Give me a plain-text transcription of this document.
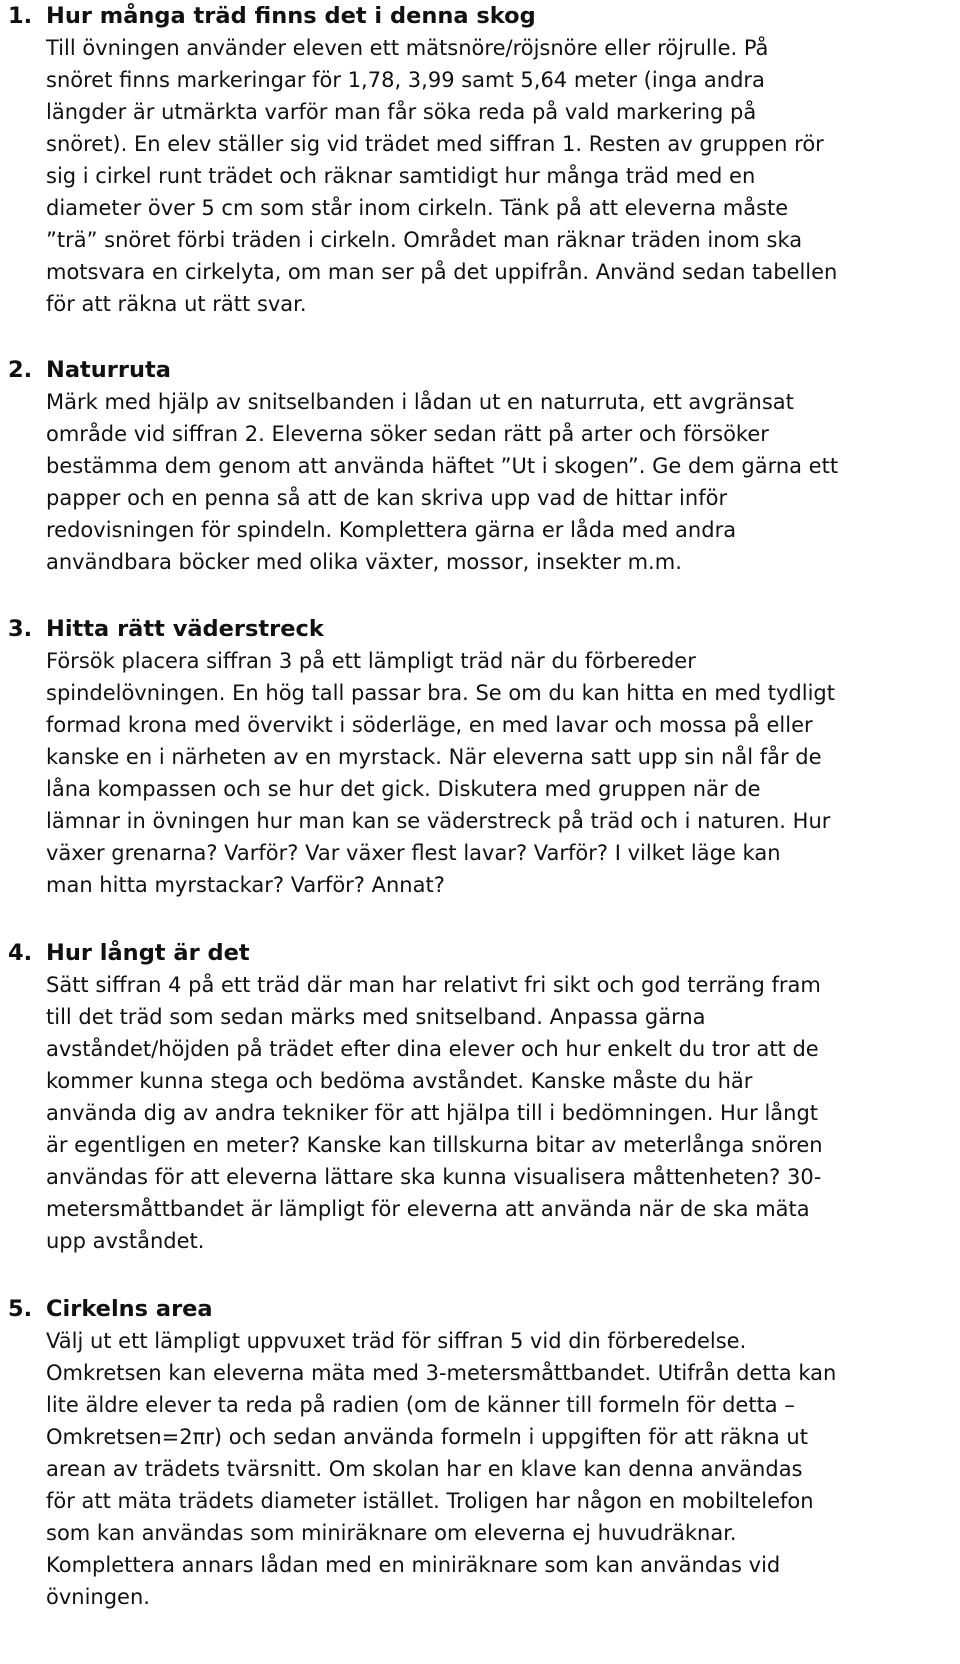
1. Hur många träd finns det i denna skog
Till övningen använder eleven ett mätsnöre/röjsnöre eller röjrulle. På
snöret finns markeringar för 1,78, 3,99 samt 5,64 meter (inga andra
längder är utmärkta varför man får söka reda på vald markering på
snöret). En elev ställer sig vid trädet med siffran 1. Resten av gruppen rör
sig i cirkel runt trädet och räknar samtidigt hur många träd med en
diameter över 5 cm som står inom cirkeln. Tänk på att eleverna måste
”trä” snöret förbi träden i cirkeln. Området man räknar träden inom ska
motsvara en cirkelyta, om man ser på det uppifrån. Använd sedan tabellen
för att räkna ut rätt svar.
2. Naturruta
Märk med hjälp av snitselbanden i lådan ut en naturruta, ett avgränsat
område vid siffran 2. Eleverna söker sedan rätt på arter och försöker
bestämma dem genom att använda häftet ”Ut i skogen”. Ge dem gärna ett
papper och en penna så att de kan skriva upp vad de hittar inför
redovisningen för spindeln. Komplettera gärna er låda med andra
användbara böcker med olika växter, mossor, insekter m.m.
3. Hitta rätt väderstreck
Försök placera siffran 3 på ett lämpligt träd när du förbereder
spindelövningen. En hög tall passar bra. Se om du kan hitta en med tydligt
formad krona med övervikt i söderläge, en med lavar och mossa på eller
kanske en i närheten av en myrstack. När eleverna satt upp sin nål får de
låna kompassen och se hur det gick. Diskutera med gruppen när de
lämnar in övningen hur man kan se väderstreck på träd och i naturen. Hur
växer grenarna? Varför? Var växer flest lavar? Varför? I vilket läge kan
man hitta myrstackar? Varför? Annat?
4. Hur långt är det
Sätt siffran 4 på ett träd där man har relativt fri sikt och god terräng fram
till det träd som sedan märks med snitselband. Anpassa gärna
avståndet/höjden på trädet efter dina elever och hur enkelt du tror att de
kommer kunna stega och bedöma avståndet. Kanske måste du här
använda dig av andra tekniker för att hjälpa till i bedömningen. Hur långt
är egentligen en meter? Kanske kan tillskurna bitar av meterlånga snören
användas för att eleverna lättare ska kunna visualisera måttenheten? 30-
metersmåttbandet är lämpligt för eleverna att använda när de ska mäta
upp avståndet.
5. Cirkelns area
Välj ut ett lämpligt uppvuxet träd för siffran 5 vid din förberedelse.
Omkretsen kan eleverna mäta med 3-metersmåttbandet. Utifrån detta kan
lite äldre elever ta reda på radien (om de känner till formeln för detta –
Omkretsen=2πr) och sedan använda formeln i uppgiften för att räkna ut
arean av trädets tvärsnitt. Om skolan har en klave kan denna användas
för att mäta trädets diameter istället. Troligen har någon en mobiltelefon
som kan användas som miniräknare om eleverna ej huvudräknar.
Komplettera annars lådan med en miniräknare som kan användas vid
övningen.
